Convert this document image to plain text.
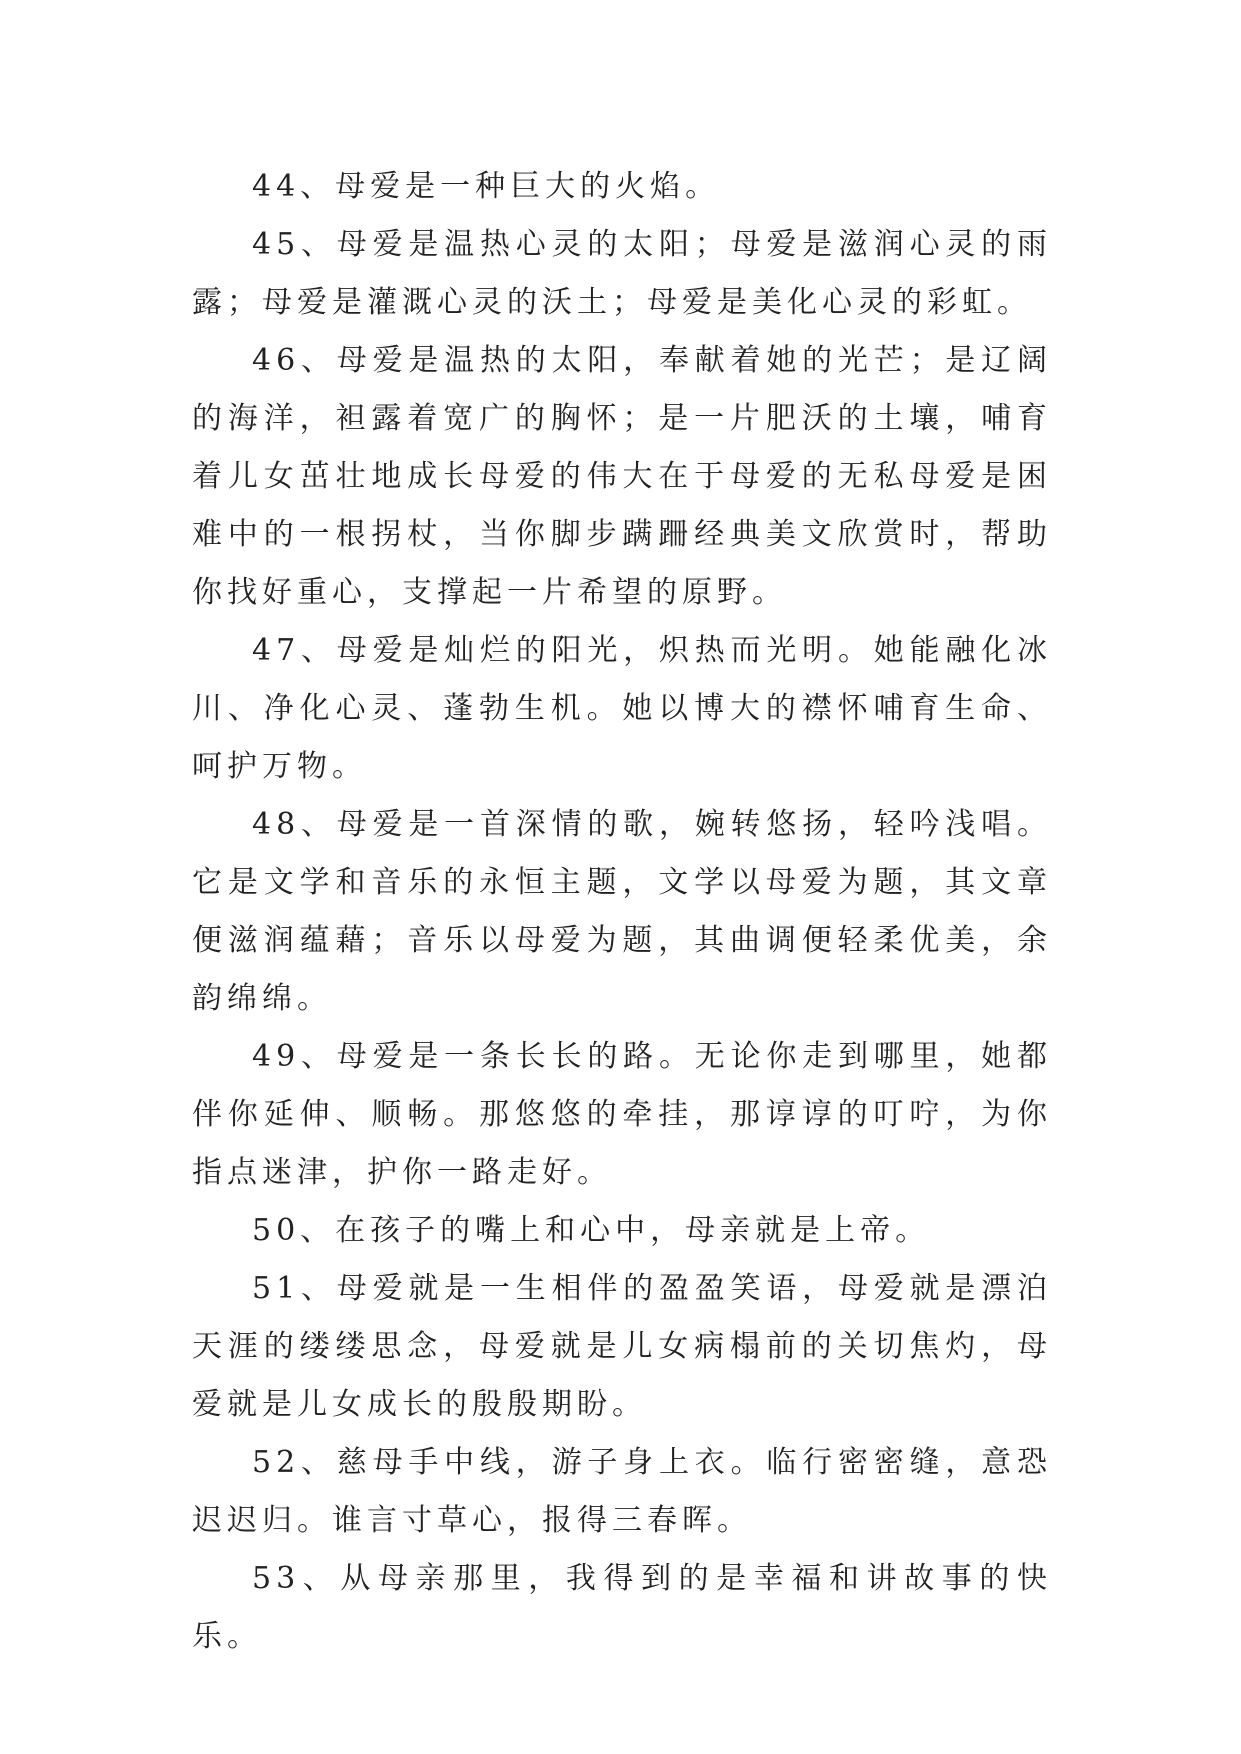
44、母爱是一种巨大的火焰。

45、母爱是温热心灵的太阳；母爱是滋润心灵的雨露；母爱是灌溉心灵的沃土；母爱是美化心灵的彩虹。

46、母爱是温热的太阳，奉献着她的光芒；是辽阔的海洋，袒露着宽广的胸怀；是一片肥沃的土壤，哺育着儿女茁壮地成长母爱的伟大在于母爱的无私母爱是困难中的一根拐杖，当你脚步蹒跚经典美文欣赏时，帮助你找好重心，支撑起一片希望的原野。

47、母爱是灿烂的阳光，炽热而光明。她能融化冰川、净化心灵、蓬勃生机。她以博大的襟怀哺育生命、呵护万物。

48、母爱是一首深情的歌，婉转悠扬，轻吟浅唱。它是文学和音乐的永恒主题，文学以母爱为题，其文章便滋润蕴藉；音乐以母爱为题，其曲调便轻柔优美，余韵绵绵。

49、母爱是一条长长的路。无论你走到哪里，她都伴你延伸、顺畅。那悠悠的牵挂，那谆谆的叮咛，为你指点迷津，护你一路走好。

50、在孩子的嘴上和心中，母亲就是上帝。

51、母爱就是一生相伴的盈盈笑语，母爱就是漂泊天涯的缕缕思念，母爱就是儿女病榻前的关切焦灼，母爱就是儿女成长的殷殷期盼。

52、慈母手中线，游子身上衣。临行密密缝，意恐迟迟归。谁言寸草心，报得三春晖。

53、从母亲那里，我得到的是幸福和讲故事的快乐。
